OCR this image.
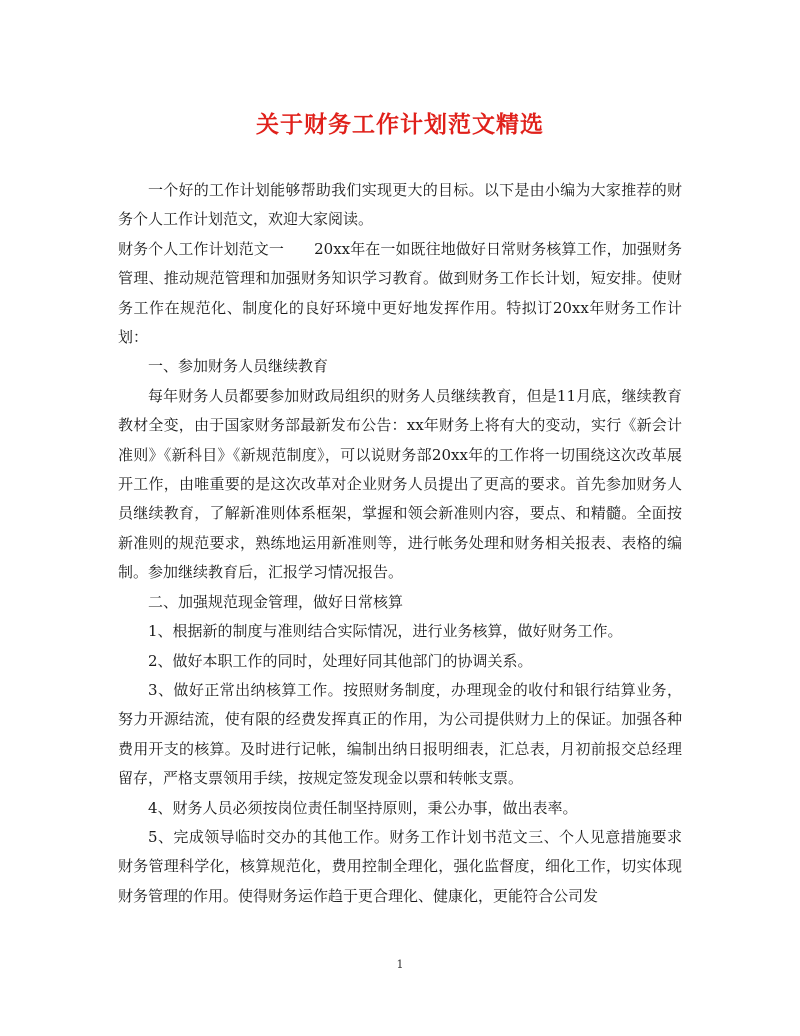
关于财务工作计划范文精选

一个好的工作计划能够帮助我们实现更大的目标。以下是由小编为大家推荐的财务个人工作计划范文，欢迎大家阅读。

财务个人工作计划范文一　　20xx年在一如既往地做好日常财务核算工作，加强财务管理、推动规范管理和加强财务知识学习教育。做到财务工作长计划，短安排。使财务工作在规范化、制度化的良好环境中更好地发挥作用。特拟订20xx年财务工作计划：

一、参加财务人员继续教育

每年财务人员都要参加财政局组织的财务人员继续教育，但是11月底，继续教育教材全变，由于国家财务部最新发布公告：xx年财务上将有大的变动，实行《新会计准则》《新科目》《新规范制度》，可以说财务部20xx年的工作将一切围绕这次改革展开工作，由唯重要的是这次改革对企业财务人员提出了更高的要求。首先参加财务人员继续教育，了解新准则体系框架，掌握和领会新准则内容，要点、和精髓。全面按新准则的规范要求，熟练地运用新准则等，进行帐务处理和财务相关报表、表格的编制。参加继续教育后，汇报学习情况报告。

二、加强规范现金管理，做好日常核算

1、根据新的制度与准则结合实际情况，进行业务核算，做好财务工作。

2、做好本职工作的同时，处理好同其他部门的协调关系。

3、做好正常出纳核算工作。按照财务制度，办理现金的收付和银行结算业务，努力开源结流，使有限的经费发挥真正的作用，为公司提供财力上的保证。加强各种费用开支的核算。及时进行记帐，编制出纳日报明细表，汇总表，月初前报交总经理留存，严格支票领用手续，按规定签发现金以票和转帐支票。

4、财务人员必须按岗位责任制坚持原则，秉公办事，做出表率。

5、完成领导临时交办的其他工作。财务工作计划书范文三、个人见意措施要求财务管理科学化，核算规范化，费用控制全理化，强化监督度，细化工作，切实体现财务管理的作用。使得财务运作趋于更合理化、健康化，更能符合公司发

1
